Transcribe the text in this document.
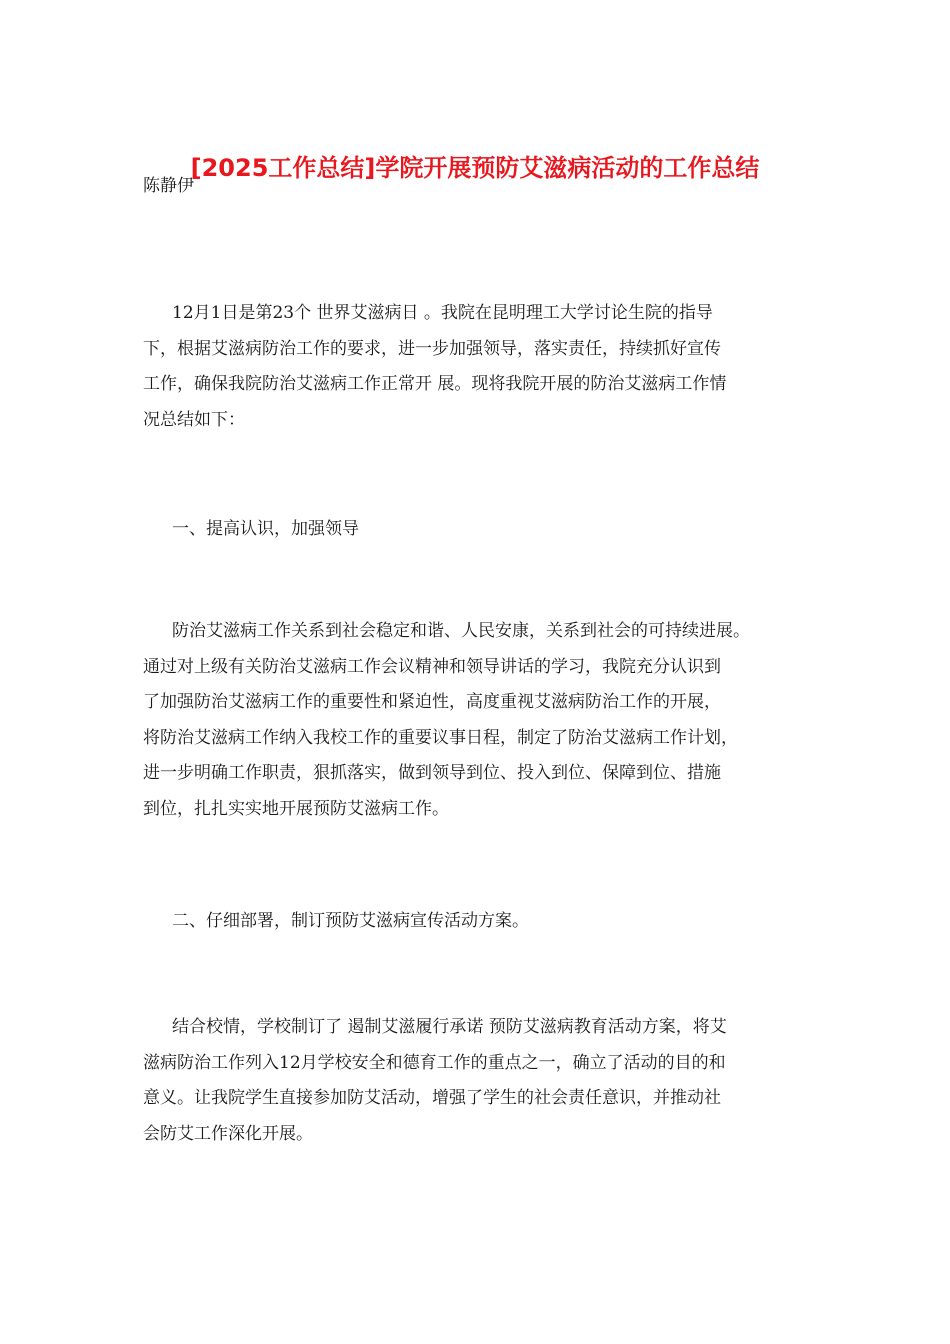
[2025工作总结]学院开展预防艾滋病活动的工作总结

陈静伊

12月1日是第23个 世界艾滋病日 。我院在昆明理工大学讨论生院的指导
下，根据艾滋病防治工作的要求，进一步加强领导，落实责任，持续抓好宣传
工作，确保我院防治艾滋病工作正常开 展。现将我院开展的防治艾滋病工作情
况总结如下：

一、提高认识，加强领导

防治艾滋病工作关系到社会稳定和谐、人民安康，关系到社会的可持续进展。
通过对上级有关防治艾滋病工作会议精神和领导讲话的学习，我院充分认识到
了加强防治艾滋病工作的重要性和紧迫性，高度重视艾滋病防治工作的开展，
将防治艾滋病工作纳入我校工作的重要议事日程，制定了防治艾滋病工作计划，
进一步明确工作职责，狠抓落实，做到领导到位、投入到位、保障到位、措施
到位，扎扎实实地开展预防艾滋病工作。

二、仔细部署，制订预防艾滋病宣传活动方案。

结合校情，学校制订了 遏制艾滋履行承诺 预防艾滋病教育活动方案，将艾
滋病防治工作列入12月学校安全和德育工作的重点之一，确立了活动的目的和
意义。让我院学生直接参加防艾活动，增强了学生的社会责任意识，并推动社
会防艾工作深化开展。
